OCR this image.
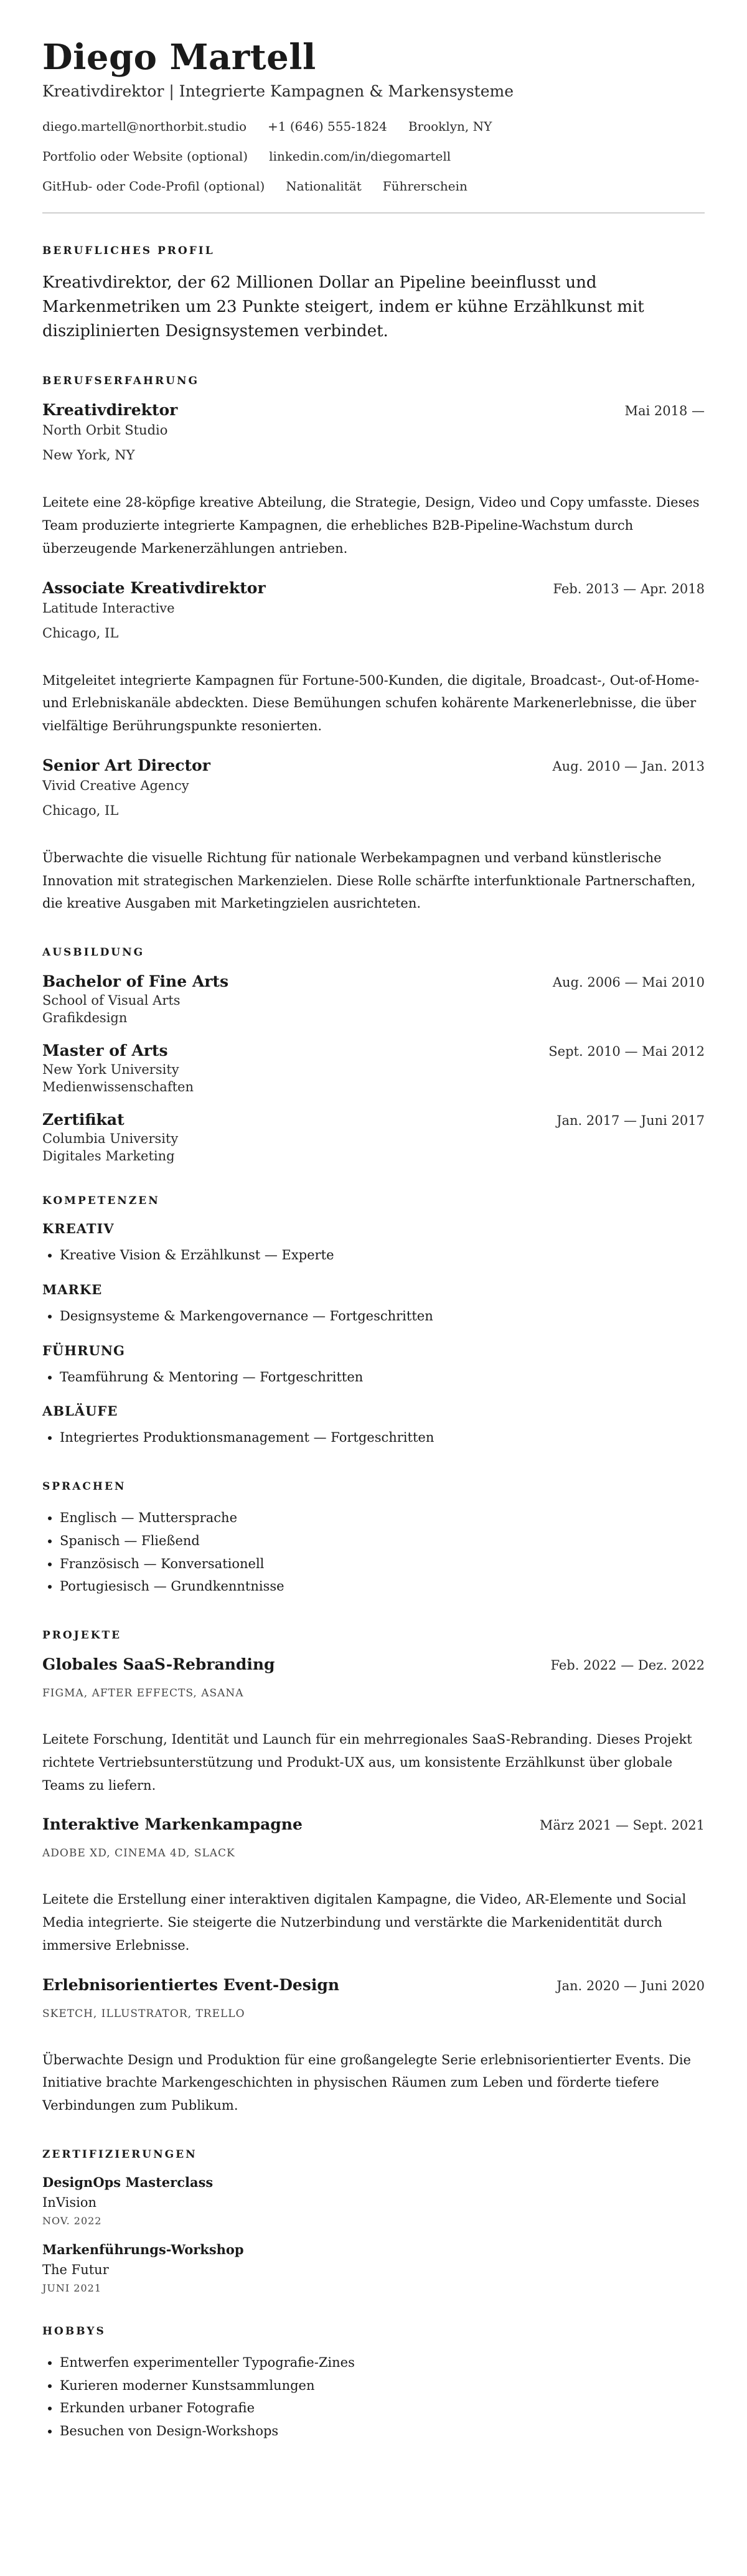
Diego Martell
Kreativdirektor | Integrierte Kampagnen & Markensysteme
diego.martell@northorbit.studio +1 (646) 555-1824 Brooklyn, NY
Portfolio oder Website (optional) linkedin.com/in/diegomartell
GitHub- oder Code-Profil (optional) Nationalität Führerschein
BERUFLICHES PROFIL

Kreativdirektor, der 62 Millionen Dollar an Pipeline beeinflusst und Markenmetriken um 23 Punkte steigert, indem er kühne Erzählkunst mit disziplinierten Designsystemen verbindet.

BERUFSERFAHRUNG
Kreativdirektor	Mai 2018 —
North Orbit Studio
New York, NY

Leitete eine 28-köpfige kreative Abteilung, die Strategie, Design, Video und Copy umfasste. Dieses Team produzierte integrierte Kampagnen, die erhebliches B2B-Pipeline-Wachstum durch überzeugende Markenerzählungen antrieben.

Associate Kreativdirektor	Feb. 2013 — Apr. 2018
Latitude Interactive
Chicago, IL

Mitgeleitet integrierte Kampagnen für Fortune-500-Kunden, die digitale, Broadcast-, Out-of-Home- und Erlebniskanäle abdeckten. Diese Bemühungen schufen kohärente Markenerlebnisse, die über vielfältige Berührungspunkte resonierten.

Senior Art Director	Aug. 2010 — Jan. 2013
Vivid Creative Agency
Chicago, IL

Überwachte die visuelle Richtung für nationale Werbekampagnen und verband künstlerische Innovation mit strategischen Markenzielen. Diese Rolle schärfte interfunktionale Partnerschaften, die kreative Ausgaben mit Marketingzielen ausrichteten.

AUSBILDUNG
Bachelor of Fine Arts	Aug. 2006 — Mai 2010
School of Visual Arts
Grafikdesign
Master of Arts	Sept. 2010 — Mai 2012
New York University
Medienwissenschaften
Zertifikat	Jan. 2017 — Juni 2017
Columbia University
Digitales Marketing
KOMPETENZEN
KREATIV
• Kreative Vision & Erzählkunst — Experte
MARKE
• Designsysteme & Markengovernance — Fortgeschritten
FÜHRUNG
• Teamführung & Mentoring — Fortgeschritten
ABLÄUFE
• Integriertes Produktionsmanagement — Fortgeschritten
SPRACHEN
• Englisch — Muttersprache
• Spanisch — Fließend
• Französisch — Konversationell
• Portugiesisch — Grundkenntnisse
PROJEKTE
Globales SaaS-Rebranding	Feb. 2022 — Dez. 2022
FIGMA, AFTER EFFECTS, ASANA

Leitete Forschung, Identität und Launch für ein mehrregionales SaaS-Rebranding. Dieses Projekt richtete Vertriebsunterstützung und Produkt-UX aus, um konsistente Erzählkunst über globale Teams zu liefern.

Interaktive Markenkampagne	März 2021 — Sept. 2021
ADOBE XD, CINEMA 4D, SLACK

Leitete die Erstellung einer interaktiven digitalen Kampagne, die Video, AR-Elemente und Social Media integrierte. Sie steigerte die Nutzerbindung und verstärkte die Markenidentität durch immersive Erlebnisse.

Erlebnisorientiertes Event-Design	Jan. 2020 — Juni 2020
SKETCH, ILLUSTRATOR, TRELLO

Überwachte Design und Produktion für eine großangelegte Serie erlebnisorientierter Events. Die Initiative brachte Markengeschichten in physischen Räumen zum Leben und förderte tiefere Verbindungen zum Publikum.

ZERTIFIZIERUNGEN
DesignOps Masterclass
InVision
NOV. 2022
Markenführungs-Workshop
The Futur
JUNI 2021
HOBBYS
• Entwerfen experimenteller Typografie-Zines
• Kurieren moderner Kunstsammlungen
• Erkunden urbaner Fotografie
• Besuchen von Design-Workshops
